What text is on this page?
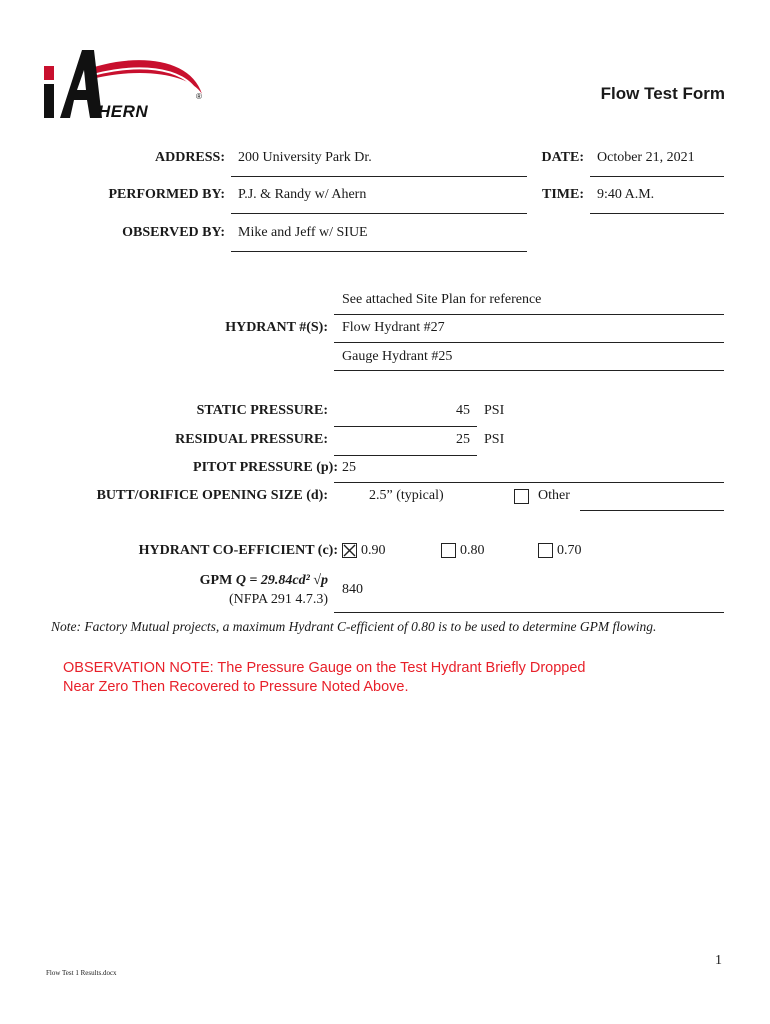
HERN
®	Flow Test Form
ADDRESS: 200 University Park Dr.	DATE: October 21, 2021
PERFORMED BY: P.J. & Randy w/ Ahern	TIME: 9:40 A.M.
OBSERVED BY: Mike and Jeff w/ SIUE
See attached Site Plan for reference
HYDRANT #(S): Flow Hydrant #27
Gauge Hydrant #25
STATIC PRESSURE:	45 PSI
RESIDUAL PRESSURE:	25 PSI
PITOT PRESSURE (p): 25
BUTT/ORIFICE OPENING SIZE (d):	2.5” (typical)	Other
HYDRANT CO-EFFICIENT (c): 0.90	0.80	0.70
GPM Q = 29.84cd² √p
(NFPA 291 4.7.3)
840
Note: Factory Mutual projects, a maximum Hydrant C-efficient of 0.80 is to be used to determine GPM flowing.
OBSERVATION NOTE: The Pressure Gauge on the Test Hydrant Briefly Dropped
Near Zero Then Recovered to Pressure Noted Above.
1
Flow Test 1 Results.docx
